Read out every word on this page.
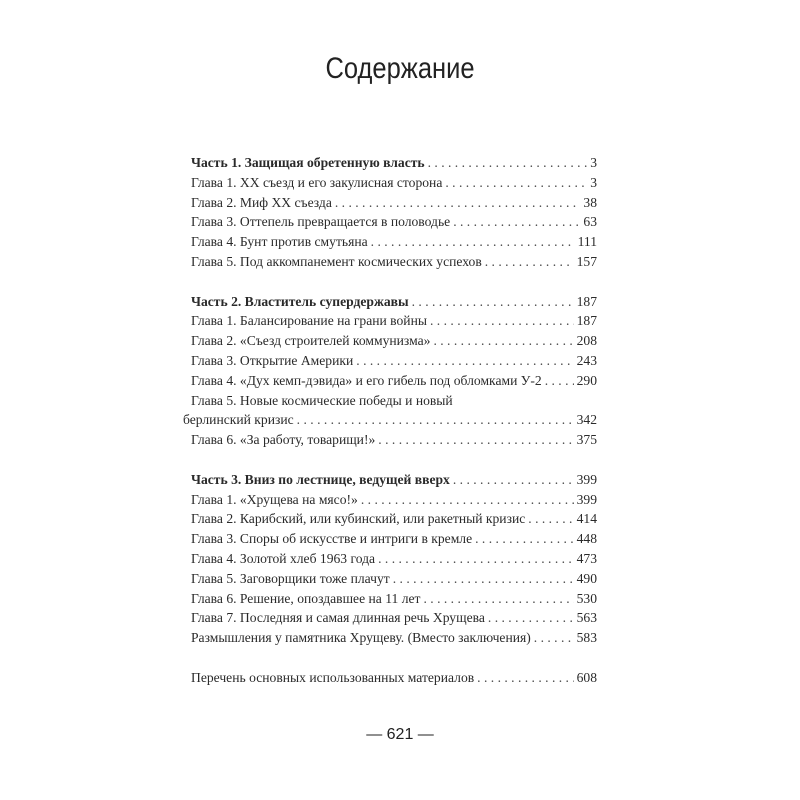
Содержание
Часть 1. Защищая обретенную власть . . .	3
Глава 1. XX съезд и его закулисная сторона . . .	3
Глава 2. Миф XX съезда . . .	38
Глава 3. Оттепель превращается в половодье . . .	63
Глава 4. Бунт против смутьяна . . .	111
Глава 5. Под аккомпанемент космических успехов . . .	157
Часть 2. Властитель супердержавы . . .	187
Глава 1. Балансирование на грани войны . . .	187
Глава 2. «Съезд строителей коммунизма» . . .	208
Глава 3. Открытие Америки . . .	243
Глава 4. «Дух кемп-дэвида» и его гибель под обломками У-2 . . .	290
Глава 5. Новые космические победы и новый
берлинский кризис . . .	342
Глава 6. «За работу, товарищи!» . . .	375
Часть 3. Вниз по лестнице, ведущей вверх . . .	399
Глава 1. «Хрущева на мясо!» . . .	399
Глава 2. Карибский, или кубинский, или ракетный кризис . . .	414
Глава 3. Споры об искусстве и интриги в кремле . . .	448
Глава 4. Золотой хлеб 1963 года . . .	473
Глава 5. Заговорщики тоже плачут . . .	490
Глава 6. Решение, опоздавшее на 11 лет . . .	530
Глава 7. Последняя и самая длинная речь Хрущева . . .	563
Размышления у памятника Хрущеву. (Вместо заключения) . . .	583
Перечень основных использованных материалов . . .	608
— 621 —
